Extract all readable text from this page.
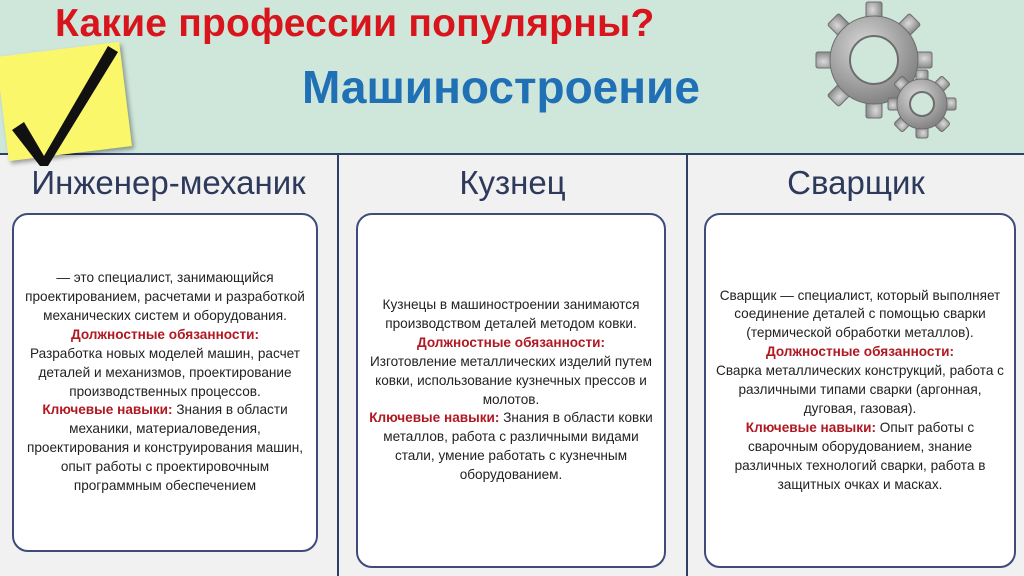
Какие профессии популярны?
Машиностроение
Инженер-механик

— это специалист, занимающийся проектированием, расчетами и разработкой механических систем и оборудования.
Должностные обязанности:
Разработка новых моделей машин, расчет деталей и механизмов, проектирование производственных процессов.
Ключевые навыки: Знания в области механики, материаловедения, проектирования и конструирования машин, опыт работы с проектировочным программным обеспечением

Кузнец

Кузнецы в машиностроении занимаются производством деталей методом ковки.
Должностные обязанности:
Изготовление металлических изделий путем ковки, использование кузнечных прессов и молотов.
Ключевые навыки: Знания в области ковки металлов, работа с различными видами стали, умение работать с кузнечным оборудованием.

Сварщик

Сварщик — специалист, который выполняет соединение деталей с помощью сварки (термической обработки металлов).
Должностные обязанности:
Сварка металлических конструкций, работа с различными типами сварки (аргонная, дуговая, газовая).
Ключевые навыки: Опыт работы с сварочным оборудованием, знание различных технологий сварки, работа в защитных очках и масках.
